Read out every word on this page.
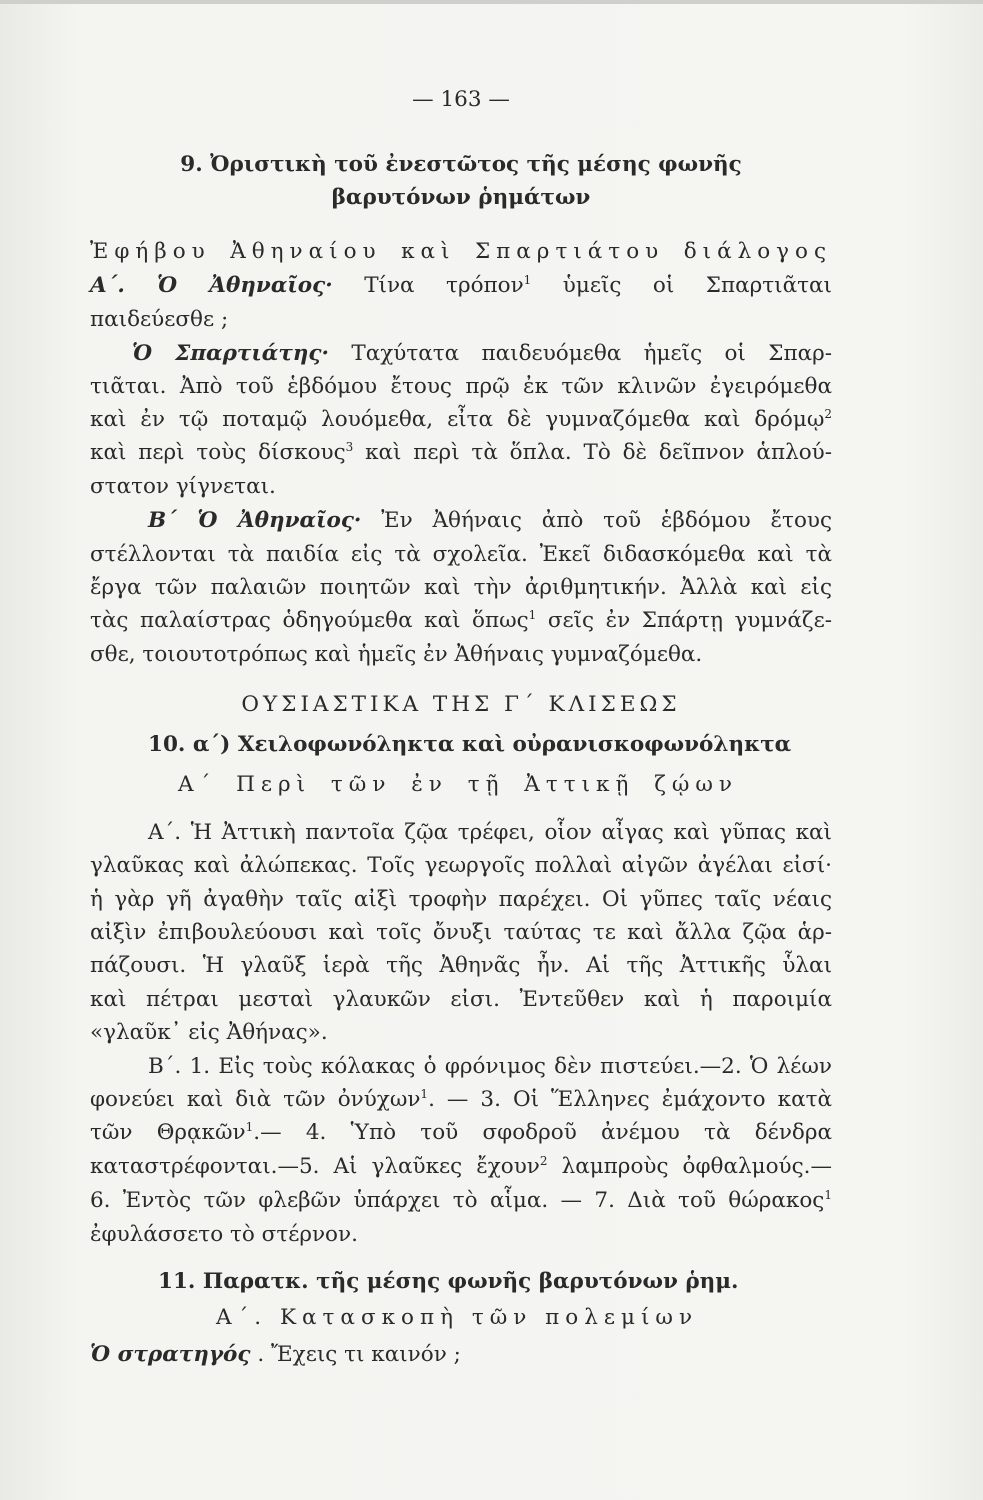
— 163 —
9. Ὀριστικὴ τοῦ ἐνεστῶτος τῆς μέσης φωνῆς
βαρυτόνων ῥημάτων
Ἐφήβου Ἀθηναίου καὶ Σπαρτιάτου διάλογος
Α΄. Ὁ Ἀθηναῖος· Τίνα τρόπον$^1$ ὑμεῖς οἱ Σπαρτιᾶται
παιδεύεσθε ;
Ὁ Σπαρτιάτης· Ταχύτατα παιδευόμεθα ἡμεῖς οἱ Σπαρ-
τιᾶται. Ἀπὸ τοῦ ἑβδόμου ἔτους πρῷ ἐκ τῶν κλινῶν ἐγειρόμεθα
καὶ ἐν τῷ ποταμῷ λουόμεθα, εἶτα δὲ γυμναζόμεθα καὶ δρόμῳ$^2$
καὶ περὶ τοὺς δίσκους$^3$ καὶ περὶ τὰ ὅπλα. Τὸ δὲ δεῖπνον ἁπλού-
στατον γίγνεται.
Β΄ Ὁ Ἀθηναῖος· Ἐν Ἀθήναις ἀπὸ τοῦ ἑβδόμου ἔτους
στέλλονται τὰ παιδία εἰς τὰ σχολεῖα. Ἐκεῖ διδασκόμεθα καὶ τὰ
ἔργα τῶν παλαιῶν ποιητῶν καὶ τὴν ἀριθμητικήν. Ἀλλὰ καὶ εἰς
τὰς παλαίστρας ὁδηγούμεθα καὶ ὅπως$^1$ σεῖς ἐν Σπάρτῃ γυμνάζε-
σθε, τοιουτοτρόπως καὶ ἡμεῖς ἐν Ἀθήναις γυμναζόμεθα.
ΟΥΣΙΑΣΤΙΚΑ ΤΗΣ Γ΄ ΚΛΙΣΕΩΣ
10. α΄) Χειλοφωνόληκτα καὶ οὐρανισκοφωνόληκτα
Α΄ Περὶ τῶν ἐν τῇ Ἀττικῇ ζῴων
Α΄. Ἡ Ἀττικὴ παντοῖα ζῷα τρέφει, οἷον αἶγας καὶ γῦπας καὶ
γλαῦκας καὶ ἀλώπεκας. Τοῖς γεωργοῖς πολλαὶ αἰγῶν ἀγέλαι εἰσί·
ἡ γὰρ γῆ ἀγαθὴν ταῖς αἰξὶ τροφὴν παρέχει. Οἱ γῦπες ταῖς νέαις
αἰξὶν ἐπιβουλεύουσι καὶ τοῖς ὄνυξι ταύτας τε καὶ ἄλλα ζῷα ἁρ-
πάζουσι. Ἡ γλαῦξ ἱερὰ τῆς Ἀθηνᾶς ἦν. Αἱ τῆς Ἀττικῆς ὗλαι
καὶ πέτραι μεσταὶ γλαυκῶν εἰσι. Ἐντεῦθεν καὶ ἡ παροιμία
«γλαῦκ᾽ εἰς Ἀθήνας».
Β΄. 1. Εἰς τοὺς κόλακας ὁ φρόνιμος δὲν πιστεύει.—2. Ὁ λέων
φονεύει καὶ διὰ τῶν ὀνύχων$^1$. — 3. Οἱ Ἕλληνες ἐμάχοντο κατὰ
τῶν Θρᾳκῶν$^1$.— 4. Ὑπὸ τοῦ σφοδροῦ ἀνέμου τὰ δένδρα
καταστρέφονται.—5. Αἱ γλαῦκες ἔχουν$^2$ λαμπροὺς ὀφθαλμούς.—
6. Ἐντὸς τῶν φλεβῶν ὑπάρχει τὸ αἷμα. — 7. Διὰ τοῦ θώρακος$^1$
ἐφυλάσσετο τὸ στέρνον.
11. Παρατκ. τῆς μέσης φωνῆς βαρυτόνων ῥημ.
Α΄. Κατασκοπὴ τῶν πολεμίων
Ὁ στρατηγός . Ἔχεις τι καινόν ;
